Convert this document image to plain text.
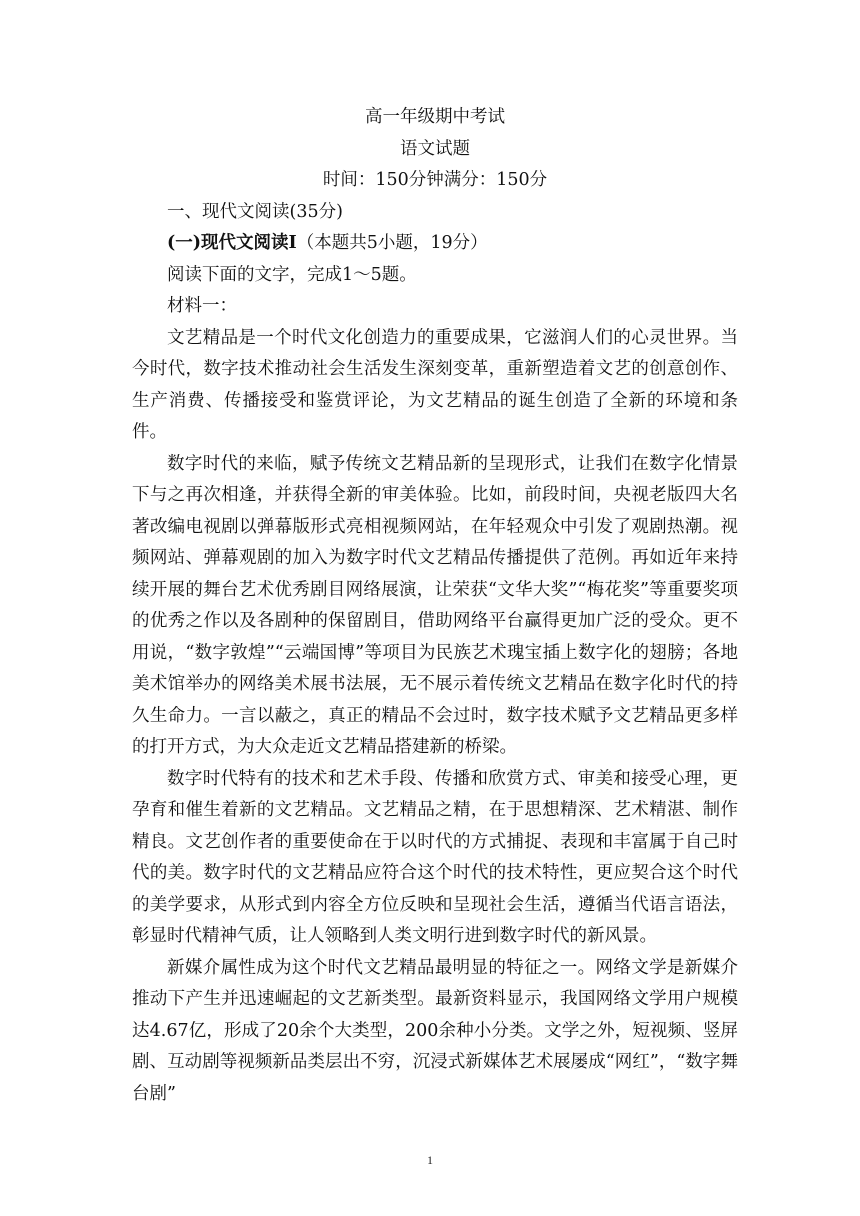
高一年级期中考试

语文试题

时间：150分钟满分：150分

一、现代文阅读(35分)

(一)现代文阅读Ⅰ（本题共5小题，19分）

阅读下面的文字，完成1～5题。

材料一：

文艺精品是一个时代文化创造力的重要成果，它滋润人们的心灵世界。当今时代，数字技术推动社会生活发生深刻变革，重新塑造着文艺的创意创作、生产消费、传播接受和鉴赏评论，为文艺精品的诞生创造了全新的环境和条件。

数字时代的来临，赋予传统文艺精品新的呈现形式，让我们在数字化情景下与之再次相逢，并获得全新的审美体验。比如，前段时间，央视老版四大名著改编电视剧以弹幕版形式亮相视频网站，在年轻观众中引发了观剧热潮。视频网站、弹幕观剧的加入为数字时代文艺精品传播提供了范例。再如近年来持续开展的舞台艺术优秀剧目网络展演，让荣获“文华大奖”“梅花奖”等重要奖项的优秀之作以及各剧种的保留剧目，借助网络平台赢得更加广泛的受众。更不用说，“数字敦煌”“云端国博”等项目为民族艺术瑰宝插上数字化的翅膀；各地美术馆举办的网络美术展书法展，无不展示着传统文艺精品在数字化时代的持久生命力。一言以蔽之，真正的精品不会过时，数字技术赋予文艺精品更多样的打开方式，为大众走近文艺精品搭建新的桥梁。

数字时代特有的技术和艺术手段、传播和欣赏方式、审美和接受心理，更孕育和催生着新的文艺精品。文艺精品之精，在于思想精深、艺术精湛、制作精良。文艺创作者的重要使命在于以时代的方式捕捉、表现和丰富属于自己时代的美。数字时代的文艺精品应符合这个时代的技术特性，更应契合这个时代的美学要求，从形式到内容全方位反映和呈现社会生活，遵循当代语言语法，彰显时代精神气质，让人领略到人类文明行进到数字时代的新风景。

新媒介属性成为这个时代文艺精品最明显的特征之一。网络文学是新媒介推动下产生并迅速崛起的文艺新类型。最新资料显示，我国网络文学用户规模达4.67亿，形成了20余个大类型，200余种小分类。文学之外，短视频、竖屏剧、互动剧等视频新品类层出不穷，沉浸式新媒体艺术展屡成“网红”，“数字舞台剧”

1
